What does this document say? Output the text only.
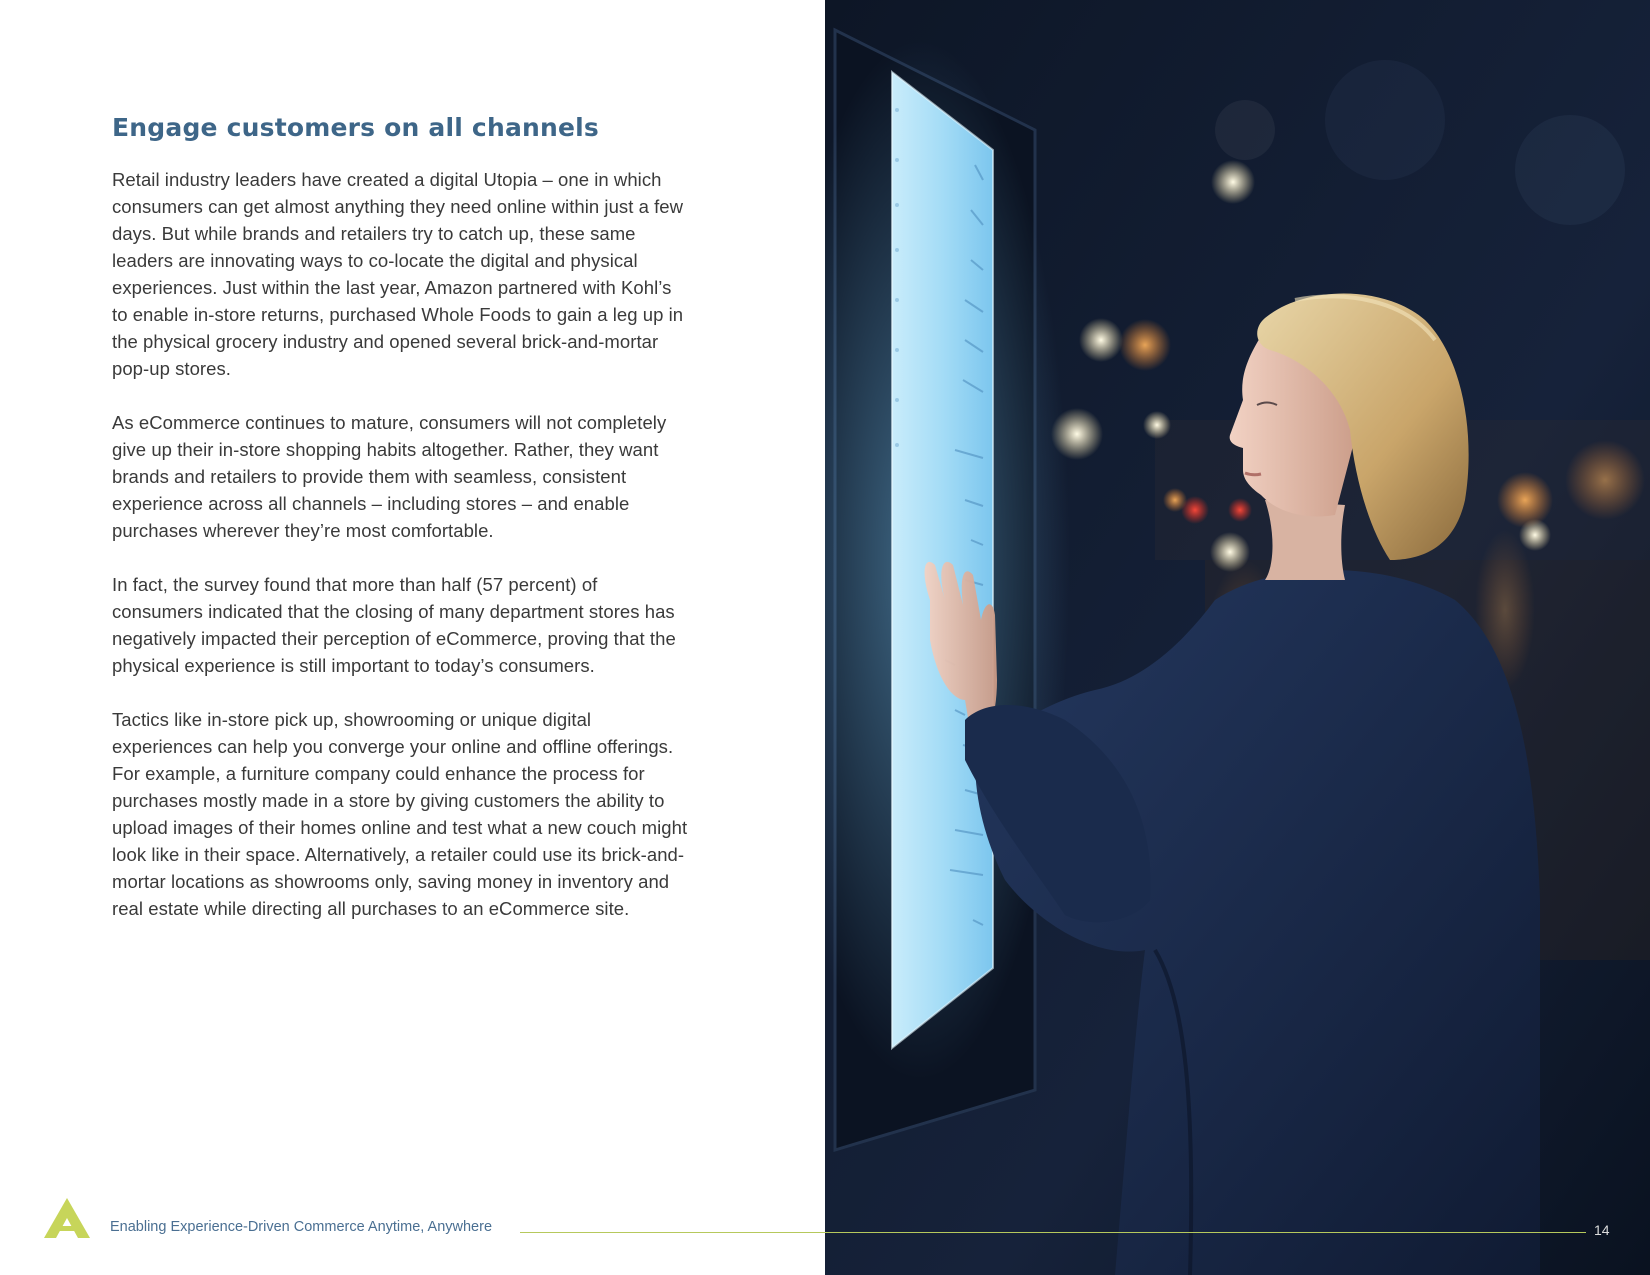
Engage customers on all channels

Retail industry leaders have created a digital Utopia – one in which consumers can get almost anything they need online within just a few days. But while brands and retailers try to catch up, these same leaders are innovating ways to co-locate the digital and physical experiences. Just within the last year, Amazon partnered with Kohl’s to enable in-store returns, purchased Whole Foods to gain a leg up in the physical grocery industry and opened several brick-and-mortar pop-up stores.

As eCommerce continues to mature, consumers will not completely give up their in-store shopping habits altogether. Rather, they want brands and retailers to provide them with seamless, consistent experience across all channels – including stores – and enable purchases wherever they’re most comfortable.

In fact, the survey found that more than half (57 percent) of consumers indicated that the closing of many department stores has negatively impacted their perception of eCommerce, proving that the physical experience is still important to today’s consumers.

Tactics like in-store pick up, showrooming or unique digital experiences can help you converge your online and offline offerings. For example, a furniture company could enhance the process for purchases mostly made in a store by giving customers the ability to upload images of their homes online and test what a new couch might look like in their space. Alternatively, a retailer could use its brick-and-mortar locations as showrooms only, saving money in inventory and real estate while directing all purchases to an eCommerce site.

Enabling Experience-Driven Commerce Anytime, Anywhere	14
